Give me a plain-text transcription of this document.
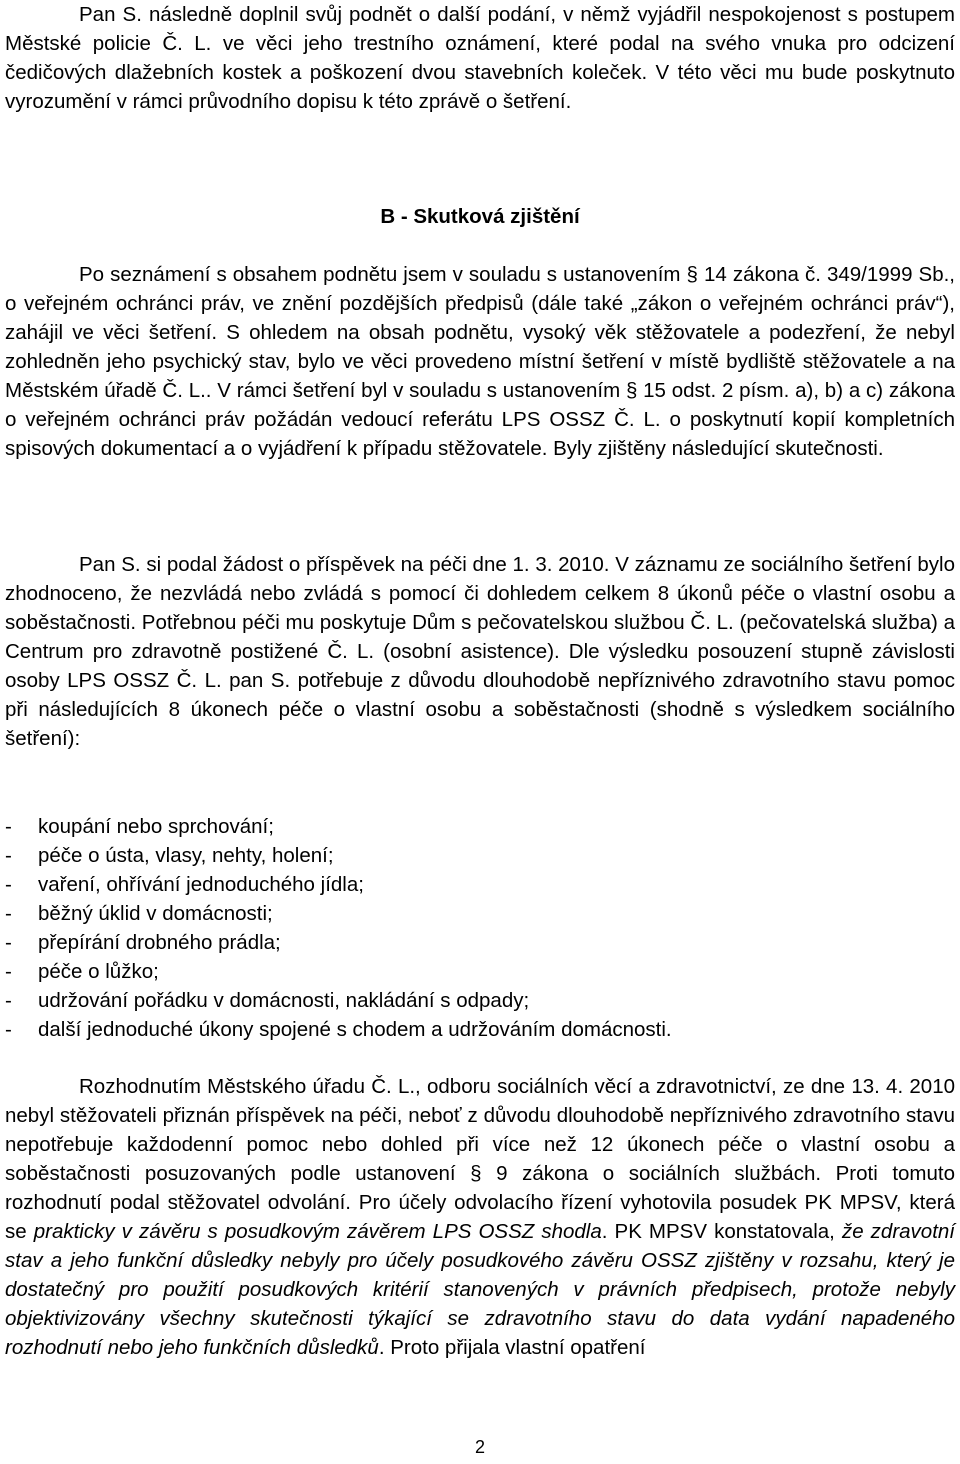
Pan S. následně doplnil svůj podnět o další podání, v němž vyjádřil nespokojenost s postupem Městské policie Č. L. ve věci jeho trestního oznámení, které podal na svého vnuka pro odcizení čedičových dlažebních kostek a poškození dvou stavebních koleček. V této věci mu bude poskytnuto vyrozumění v rámci průvodního dopisu k této zprávě o šetření.

B - Skutková zjištění

Po seznámení s obsahem podnětu jsem v souladu s ustanovením § 14 zákona č. 349/1999 Sb., o veřejném ochránci práv, ve znění pozdějších předpisů (dále také „zákon o veřejném ochránci práv“), zahájil ve věci šetření. S ohledem na obsah podnětu, vysoký věk stěžovatele a podezření, že nebyl zohledněn jeho psychický stav, bylo ve věci provedeno místní šetření v místě bydliště stěžovatele a na Městském úřadě Č. L.. V rámci šetření byl v souladu s ustanovením § 15 odst. 2 písm. a), b) a c) zákona o veřejném ochránci práv požádán vedoucí referátu LPS OSSZ Č. L. o poskytnutí kopií kompletních spisových dokumentací a o vyjádření k případu stěžovatele. Byly zjištěny následující skutečnosti.

Pan S. si podal žádost o příspěvek na péči dne 1. 3. 2010. V záznamu ze sociálního šetření bylo zhodnoceno, že nezvládá nebo zvládá s pomocí či dohledem celkem 8 úkonů péče o vlastní osobu a soběstačnosti. Potřebnou péči mu poskytuje Dům s pečovatelskou službou Č. L. (pečovatelská služba) a Centrum pro zdravotně postižené Č. L. (osobní asistence). Dle výsledku posouzení stupně závislosti osoby LPS OSSZ Č. L. pan S. potřebuje z důvodu dlouhodobě nepříznivého zdravotního stavu pomoc při následujících 8 úkonech péče o vlastní osobu a soběstačnosti (shodně s výsledkem sociálního šetření):

- koupání nebo sprchování;
- péče o ústa, vlasy, nehty, holení;
- vaření, ohřívání jednoduchého jídla;
- běžný úklid v domácnosti;
- přepírání drobného prádla;
- péče o lůžko;
- udržování pořádku v domácnosti, nakládání s odpady;
- další jednoduché úkony spojené s chodem a udržováním domácnosti.

Rozhodnutím Městského úřadu Č. L., odboru sociálních věcí a zdravotnictví, ze dne 13. 4. 2010 nebyl stěžovateli přiznán příspěvek na péči, neboť z důvodu dlouhodobě nepříznivého zdravotního stavu nepotřebuje každodenní pomoc nebo dohled při více než 12 úkonech péče o vlastní osobu a soběstačnosti posuzovaných podle ustanovení § 9 zákona o sociálních službách. Proti tomuto rozhodnutí podal stěžovatel odvolání. Pro účely odvolacího řízení vyhotovila posudek PK MPSV, která se prakticky v závěru s posudkovým závěrem LPS OSSZ shodla. PK MPSV konstatovala, že zdravotní stav a jeho funkční důsledky nebyly pro účely posudkového závěru OSSZ zjištěny v rozsahu, který je dostatečný pro použití posudkových kritérií stanovených v právních předpisech, protože nebyly objektivizovány všechny skutečnosti týkající se zdravotního stavu do data vydání napadeného rozhodnutí nebo jeho funkčních důsledků. Proto přijala vlastní opatření

2
